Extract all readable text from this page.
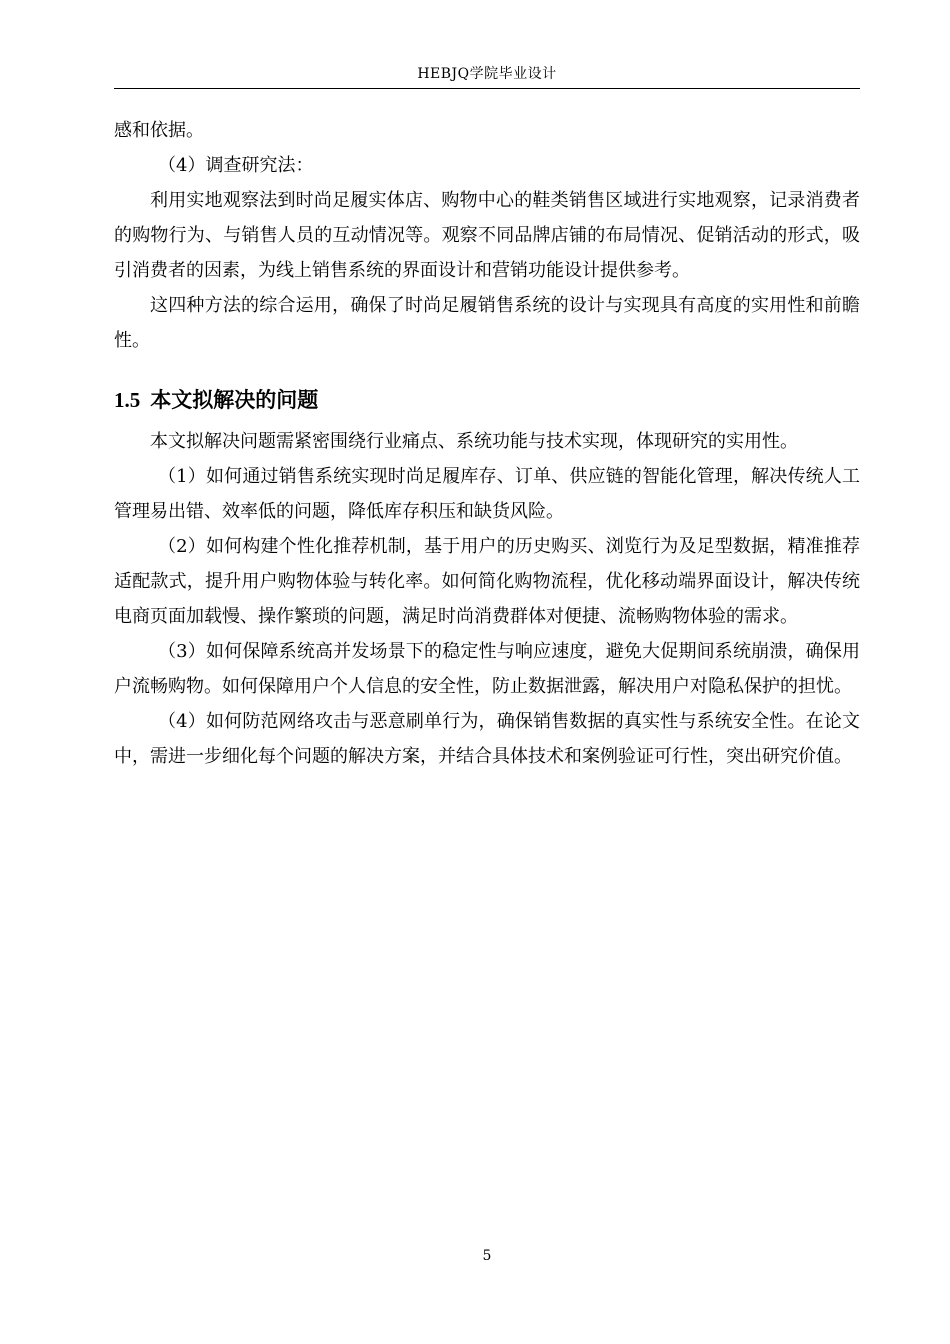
HEBJQ学院毕业设计

感和依据。

（4）调查研究法：

利用实地观察法到时尚足履实体店、购物中心的鞋类销售区域进行实地观察，记录消费者的购物行为、与销售人员的互动情况等。观察不同品牌店铺的布局情况、促销活动的形式，吸引消费者的因素，为线上销售系统的界面设计和营销功能设计提供参考。

这四种方法的综合运用，确保了时尚足履销售系统的设计与实现具有高度的实用性和前瞻性。

1.5 本文拟解决的问题

本文拟解决问题需紧密围绕行业痛点、系统功能与技术实现，体现研究的实用性。

（1）如何通过销售系统实现时尚足履库存、订单、供应链的智能化管理，解决传统人工管理易出错、效率低的问题，降低库存积压和缺货风险。

（2）如何构建个性化推荐机制，基于用户的历史购买、浏览行为及足型数据，精准推荐适配款式，提升用户购物体验与转化率。如何简化购物流程，优化移动端界面设计，解决传统电商页面加载慢、操作繁琐的问题，满足时尚消费群体对便捷、流畅购物体验的需求。

（3）如何保障系统高并发场景下的稳定性与响应速度，避免大促期间系统崩溃，确保用户流畅购物。如何保障用户个人信息的安全性，防止数据泄露，解决用户对隐私保护的担忧。

（4）如何防范网络攻击与恶意刷单行为，确保销售数据的真实性与系统安全性。在论文中，需进一步细化每个问题的解决方案，并结合具体技术和案例验证可行性，突出研究价值。

5
